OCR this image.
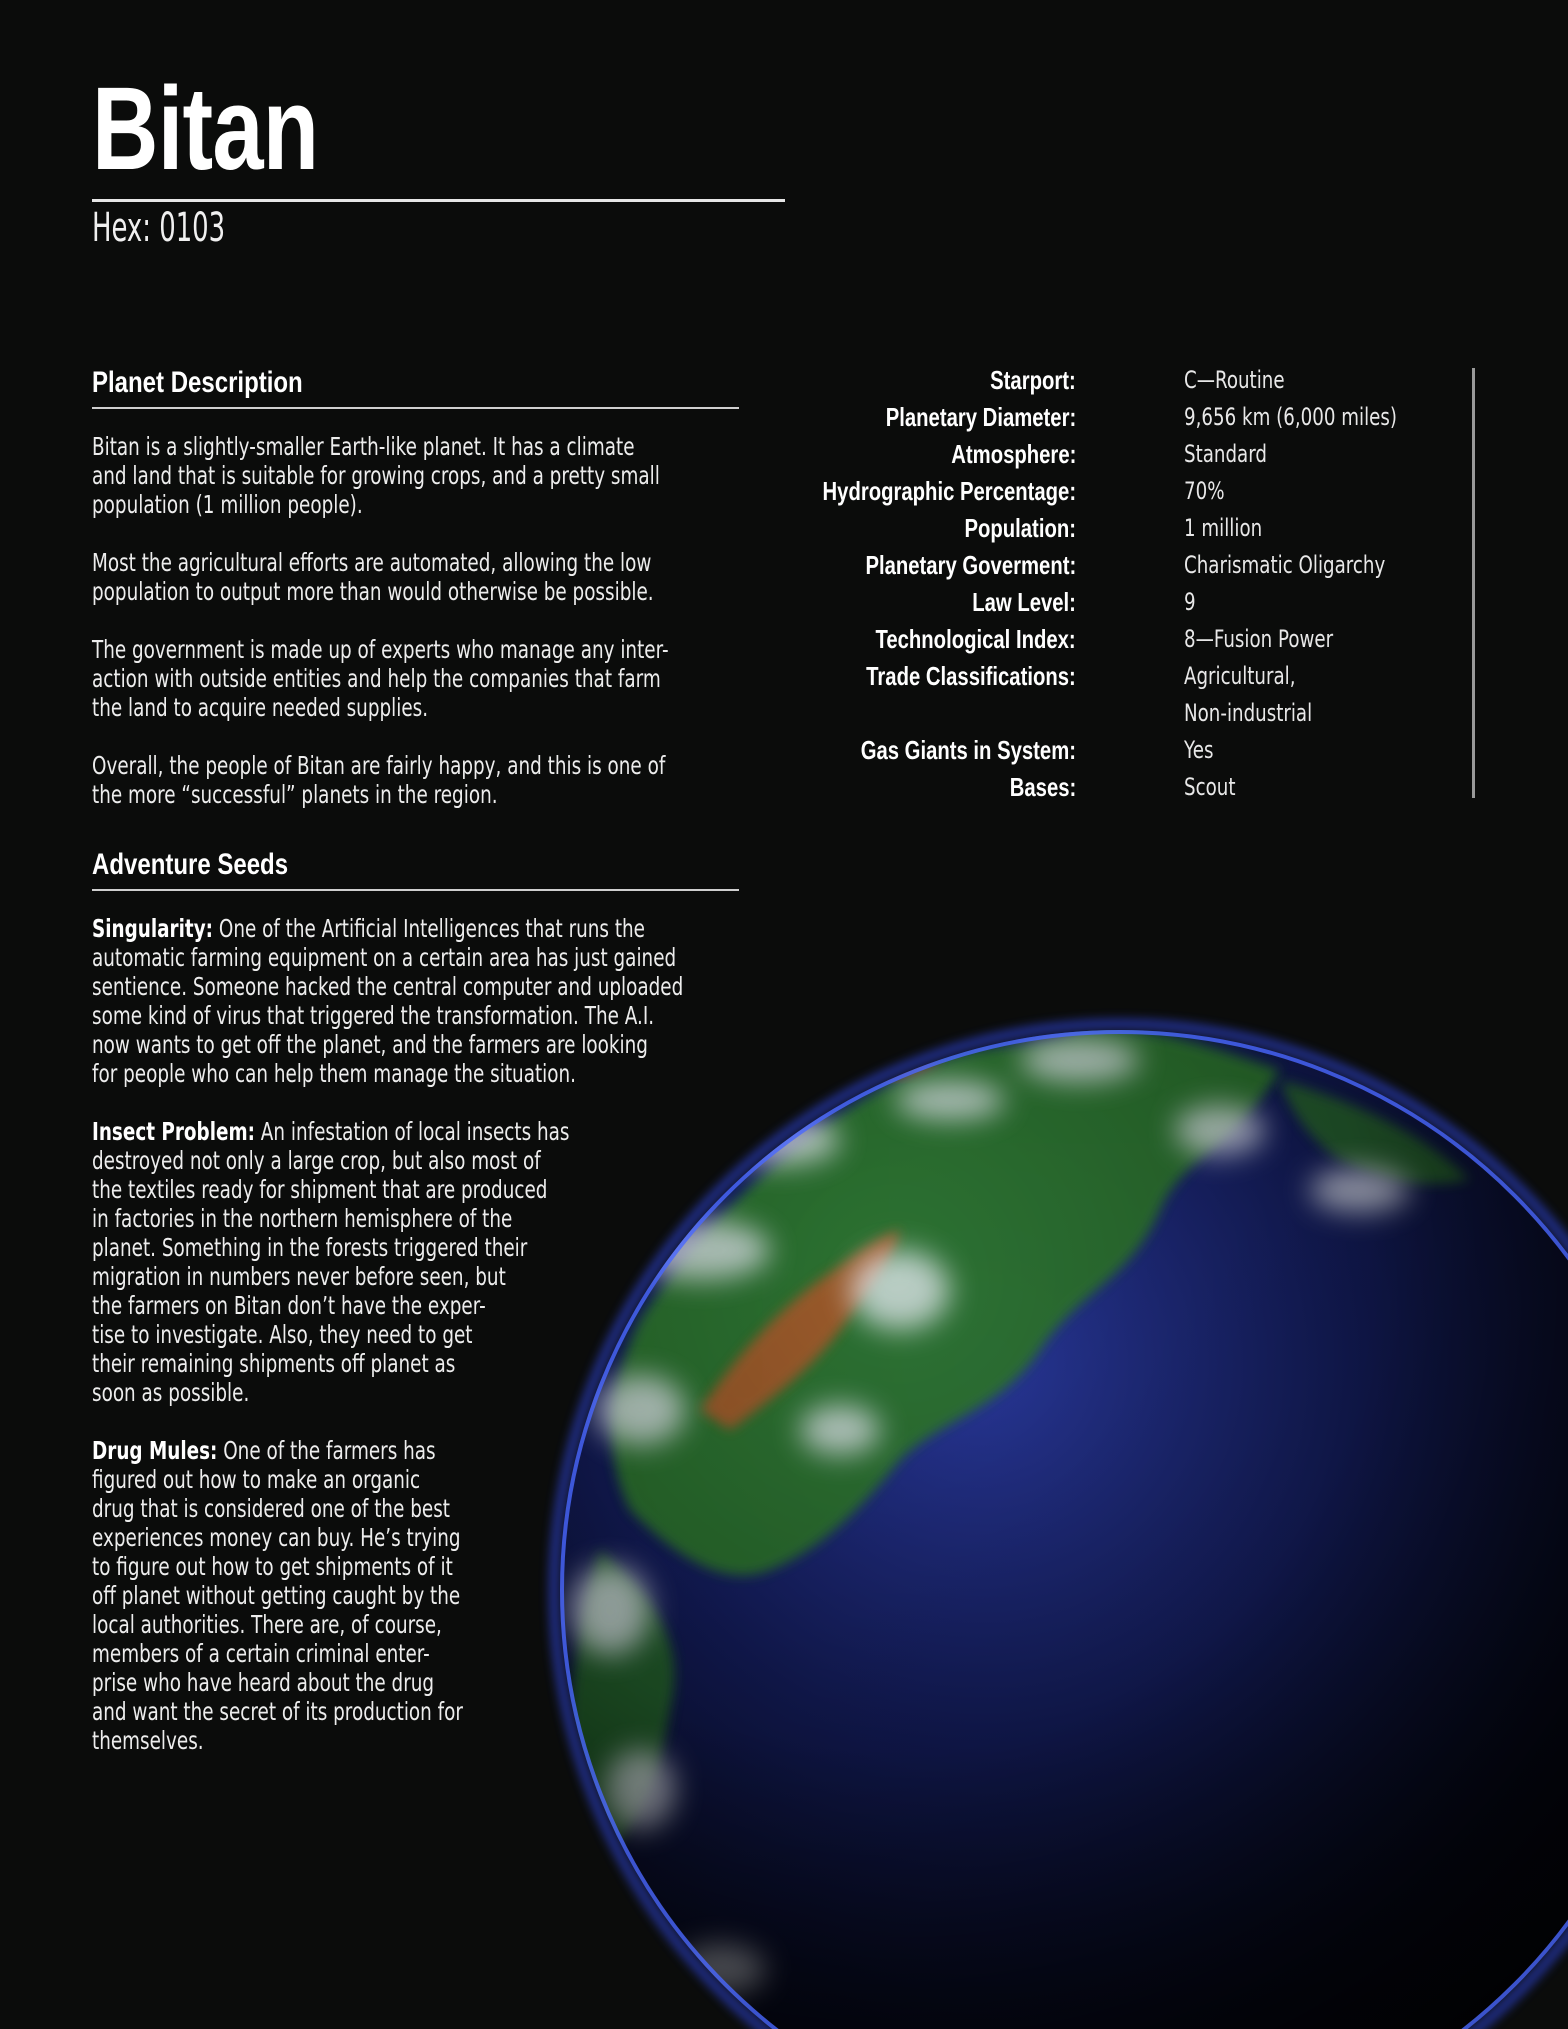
Bitan
Hex: 0103
Planet Description

Bitan is a slightly-smaller Earth-like planet. It has a climate
and land that is suitable for growing crops, and a pretty small
population (1 million people).

Most the agricultural efforts are automated, allowing the low
population to output more than would otherwise be possible.

The government is made up of experts who manage any inter-
action with outside entities and help the companies that farm
the land to acquire needed supplies.

Overall, the people of Bitan are fairly happy, and this is one of
the more “successful” planets in the region.

Adventure Seeds

Singularity: One of the Artificial Intelligences that runs the
automatic farming equipment on a certain area has just gained
sentience. Someone hacked the central computer and uploaded
some kind of virus that triggered the transformation. The A.I.
now wants to get off the planet, and the farmers are looking
for people who can help them manage the situation.

Insect Problem: An infestation of local insects has
destroyed not only a large crop, but also most of
the textiles ready for shipment that are produced
in factories in the northern hemisphere of the
planet. Something in the forests triggered their
migration in numbers never before seen, but
the farmers on Bitan don’t have the exper-
tise to investigate. Also, they need to get
their remaining shipments off planet as
soon as possible.

Drug Mules: One of the farmers has
figured out how to make an organic
drug that is considered one of the best
experiences money can buy. He’s trying
to figure out how to get shipments of it
off planet without getting caught by the
local authorities. There are, of course,
members of a certain criminal enter-
prise who have heard about the drug
and want the secret of its production for
themselves.

Starport:	C—Routine
Planetary Diameter:	9,656 km (6,000 miles)
Atmosphere:	Standard
Hydrographic Percentage:	70%
Population:	1 million
Planetary Goverment:	Charismatic Oligarchy
Law Level:	9
Technological Index:	8—Fusion Power
Trade Classifications:	Agricultural,
Non-industrial
Gas Giants in System:	Yes
Bases:	Scout
